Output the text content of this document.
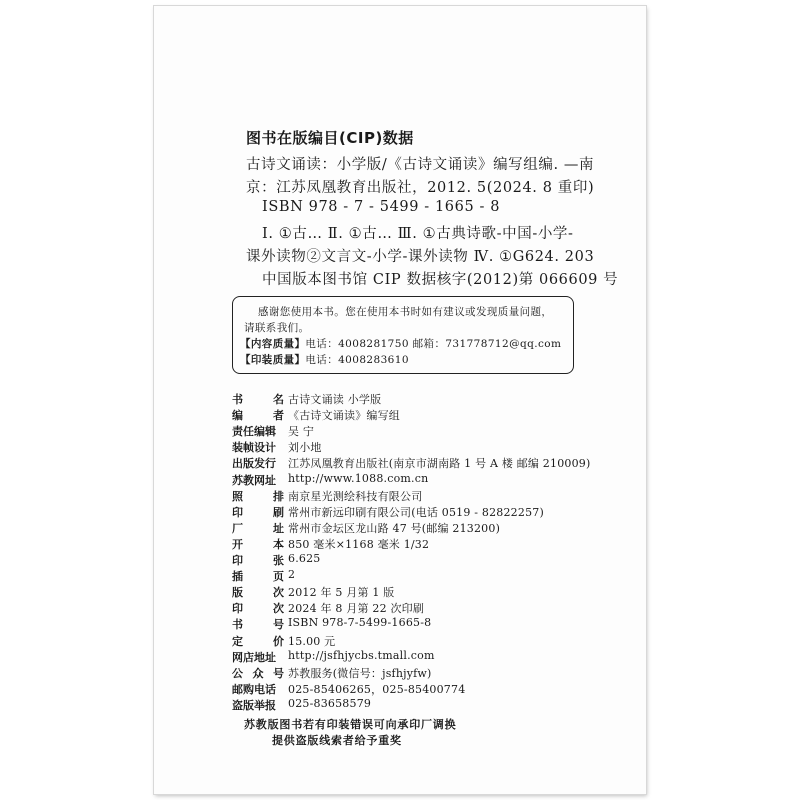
图书在版编目(CIP)数据
古诗文诵读：小学版/《古诗文诵读》编写组编. —南
京：江苏凤凰教育出版社，2012. 5(2024. 8 重印)
ISBN 978 - 7 - 5499 - 1665 - 8
Ⅰ. ①古… Ⅱ. ①古… Ⅲ. ①古典诗歌-中国-小学-
课外读物②文言文-小学-课外读物 Ⅳ. ①G624. 203
中国版本图书馆 CIP 数据核字(2012)第 066609 号
感谢您使用本书。您在使用本书时如有建议或发现质量问题，
请联系我们。
【内容质量】电话：4008281750 邮箱：731778712@qq.com
【印装质量】电话：4008283610
书	名 古诗文诵读 小学版
编	者 《古诗文诵读》编写组
责 任 编 辑 吴 宁
装 帧 设 计 刘小地
出 版 发 行 江苏凤凰教育出版社(南京市湖南路 1 号 A 楼 邮编 210009)
苏 教 网 址 http://www.1088.com.cn
照	排 南京星光测绘科技有限公司
印	刷 常州市新远印刷有限公司(电话 0519 - 82822257)
厂	址 常州市金坛区龙山路 47 号(邮编 213200)
开	本 850 毫米×1168 毫米 1/32
印	张 6.625
插	页 2
版	次 2012 年 5 月第 1 版
印	次 2024 年 8 月第 22 次印刷
书	号 ISBN 978-7-5499-1665-8
定	价 15.00 元
网 店 地 址 http://jsfhjycbs.tmall.com
公 众 号 苏教服务(微信号：jsfhjyfw)
邮 购 电 话 025-85406265，025-85400774
盗 版 举 报 025-83658579
苏教版图书若有印装错误可向承印厂调换
提供盗版线索者给予重奖
